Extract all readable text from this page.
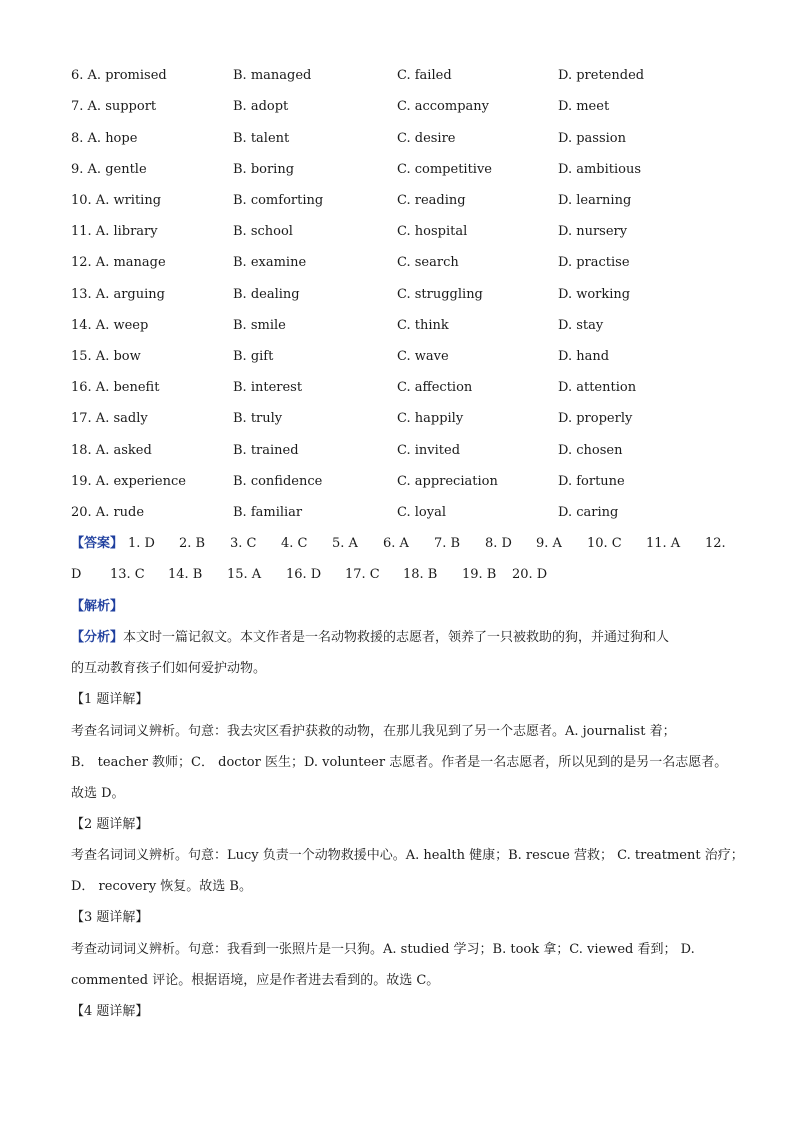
6. A. promised	B. managed	C. failed	D. pretended
7. A. support	B. adopt	C. accompany	D. meet
8. A. hope	B. talent	C. desire	D. passion
9. A. gentle	B. boring	C. competitive	D. ambitious
10. A. writing	B. comforting	C. reading	D. learning
11. A. library	B. school	C. hospital	D. nursery
12. A. manage	B. examine	C. search	D. practise
13. A. arguing	B. dealing	C. struggling	D. working
14. A. weep	B. smile	C. think	D. stay
15. A. bow	B. gift	C. wave	D. hand
16. A. benefit	B. interest	C. affection	D. attention
17. A. sadly	B. truly	C. happily	D. properly
18. A. asked	B. trained	C. invited	D. chosen
19. A. experience	B. confidence	C. appreciation	D. fortune
20. A. rude	B. familiar	C. loyal	D. caring
【答案】 1. D 2. B 3. C 4. C 5. A 6. A 7. B 8. D 9. A 10. C 11. A 12.
D 13. C 14. B 15. A 16. D 17. C 18. B 19. B 20. D
【解析】
【分析】本文时一篇记叙文。本文作者是一名动物救援的志愿者，领养了一只被救助的狗，并通过狗和人
的互动教育孩子们如何爱护动物。
【1 题详解】
考查名词词义辨析。句意：我去灾区看护获救的动物，在那儿我见到了另一个志愿者。A. journalist 着；
B． teacher 教师；C． doctor 医生；D. volunteer 志愿者。作者是一名志愿者，所以见到的是另一名志愿者。
故选 D。
【2 题详解】
考查名词词义辨析。句意：Lucy 负责一个动物救援中心。A. health 健康；B. rescue 营救； C. treatment 治疗；
D． recovery 恢复。故选 B。
【3 题详解】
考查动词词义辨析。句意：我看到一张照片是一只狗。A. studied 学习；B. took 拿；C. viewed 看到； D.
commented 评论。根据语境，应是作者进去看到的。故选 C。
【4 题详解】
